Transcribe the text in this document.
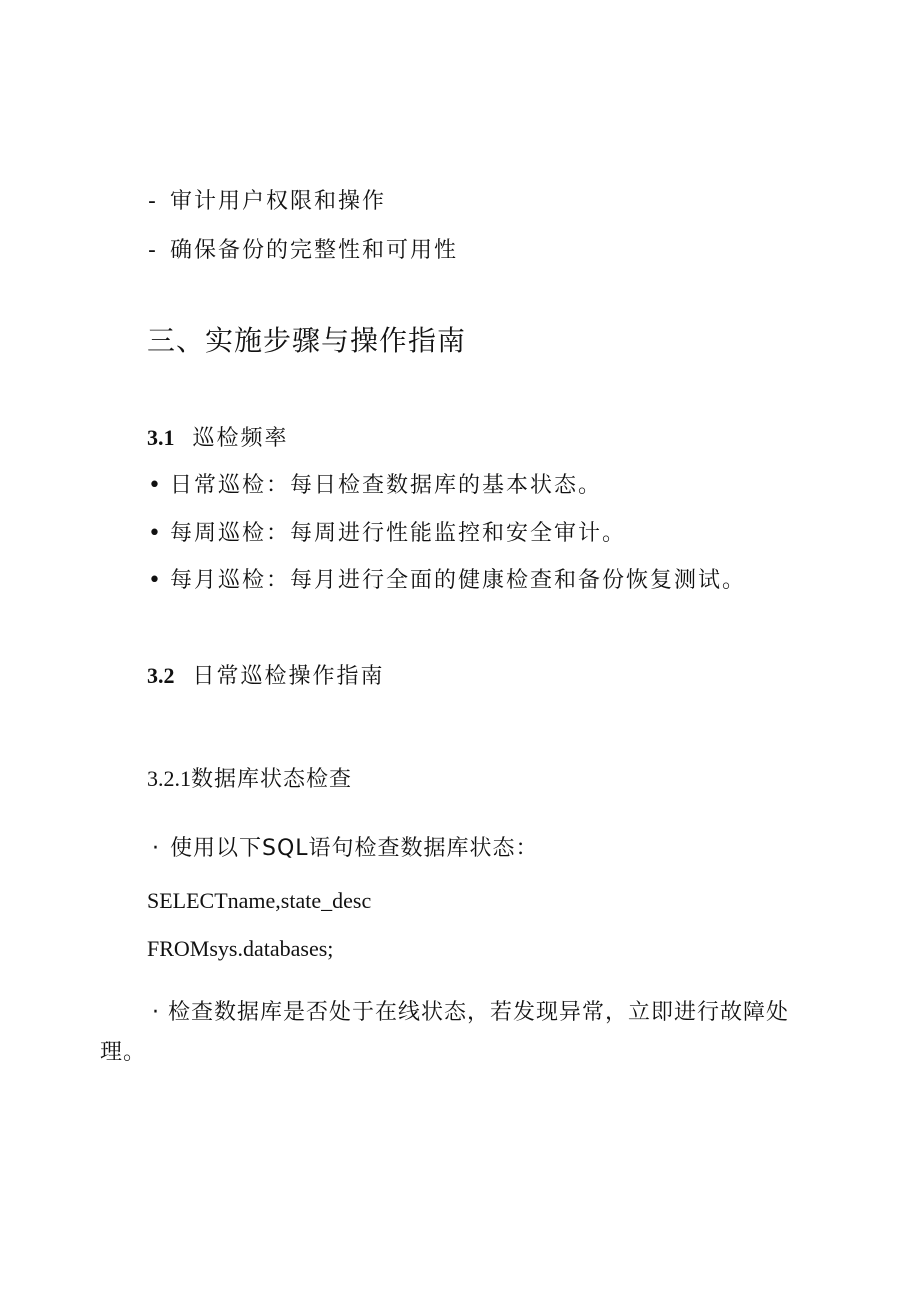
- 审计用户权限和操作
- 确保备份的完整性和可用性
三、实施步骤与操作指南
3.1 巡检频率
• 日常巡检：每日检查数据库的基本状态。
• 每周巡检：每周进行性能监控和安全审计。
• 每月巡检：每月进行全面的健康检查和备份恢复测试。
3.2 日常巡检操作指南
3.2.1数据库状态检查
· 使用以下SQL语句检查数据库状态：
SELECTname,state_desc
FROMsys.databases;
· 检查数据库是否处于在线状态，若发现异常，立即进行故障处理。
